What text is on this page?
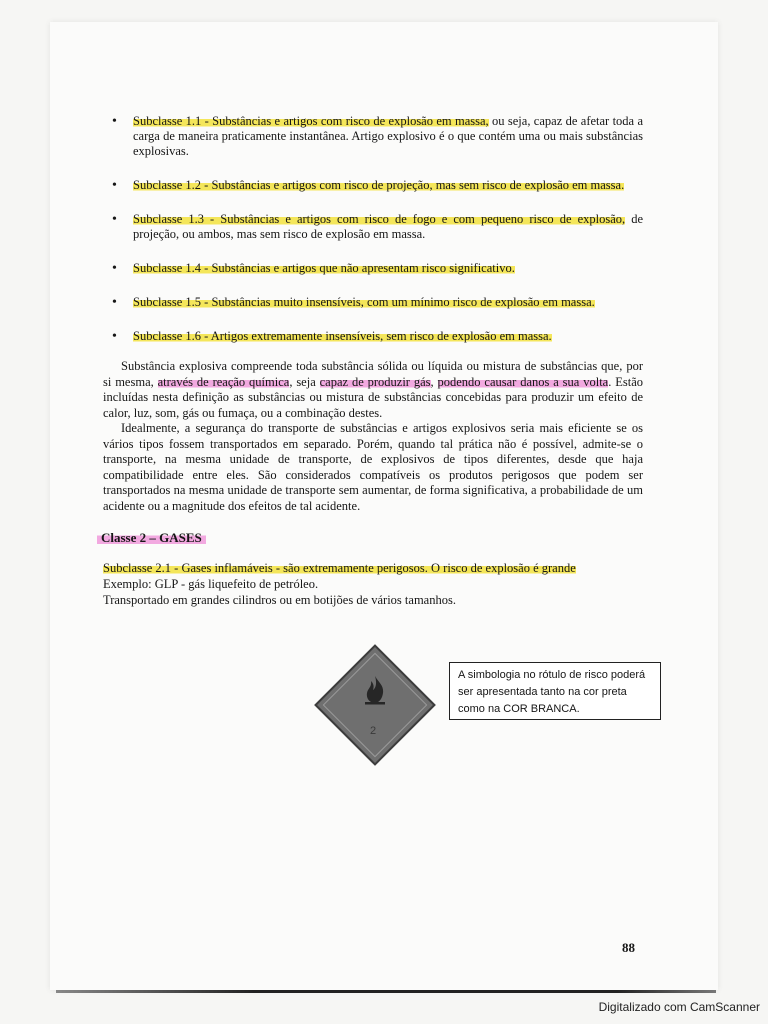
• Subclasse 1.1 - Substâncias e artigos com risco de explosão em massa, ou seja, capaz de afetar toda a carga de maneira praticamente instantânea. Artigo explosivo é o que contém uma ou mais substâncias explosivas.
• Subclasse 1.2 - Substâncias e artigos com risco de projeção, mas sem risco de explosão em massa.
• Subclasse 1.3 - Substâncias e artigos com risco de fogo e com pequeno risco de explosão, de projeção, ou ambos, mas sem risco de explosão em massa.
• Subclasse 1.4 - Substâncias e artigos que não apresentam risco significativo.
• Subclasse 1.5 - Substâncias muito insensíveis, com um mínimo risco de explosão em massa.
• Subclasse 1.6 - Artigos extremamente insensíveis, sem risco de explosão em massa.

Substância explosiva compreende toda substância sólida ou líquida ou mistura de substâncias que, por si mesma, através de reação química, seja capaz de produzir gás, podendo causar danos a sua volta. Estão incluídas nesta definição as substâncias ou mistura de substâncias concebidas para produzir um efeito de calor, luz, som, gás ou fumaça, ou a combinação destes.

Idealmente, a segurança do transporte de substâncias e artigos explosivos seria mais eficiente se os vários tipos fossem transportados em separado. Porém, quando tal prática não é possível, admite-se o transporte, na mesma unidade de transporte, de explosivos de tipos diferentes, desde que haja compatibilidade entre eles. São considerados compatíveis os produtos perigosos que podem ser transportados na mesma unidade de transporte sem aumentar, de forma significativa, a probabilidade de um acidente ou a magnitude dos efeitos de tal acidente.

Classe 2 – GASES

Subclasse 2.1 - Gases inflamáveis - são extremamente perigosos. O risco de explosão é grande
Exemplo: GLP - gás liquefeito de petróleo.
Transportado em grandes cilindros ou em botijões de vários tamanhos.

2
A simbologia no rótulo de risco poderá ser apresentada tanto na cor preta como na COR BRANCA.
88
Digitalizado com CamScanner
